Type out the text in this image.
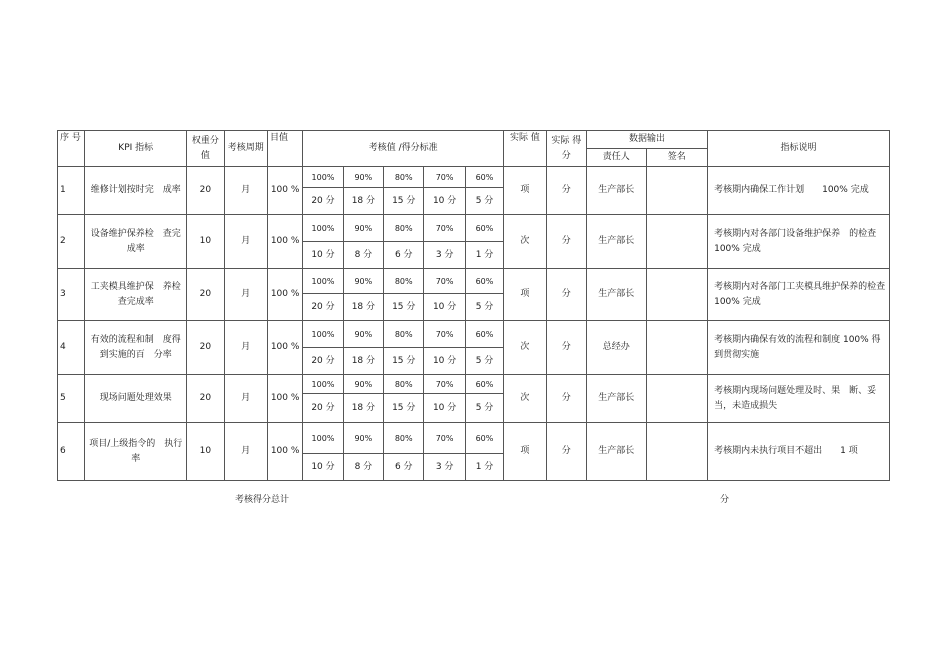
序 号	KPI 指标	权重分值	考核周期	目值	考核值 /得分标准					实际 值	实际 得分	数据输出		指标说明
												责任人	签名	
1	维修计划按时完　成率	20	月	100 %	100%	90%	80%	70%	60%	项	分	生产部长		考核期内确保工作计划　　100% 完成
					20 分	18 分	15 分	10 分	5 分					
2	设备维护保养检　查完成率	10	月	100 %	100%	90%	80%	70%	60%	次	分	生产部长		考核期内对各部门设备维护保养　的检查 100% 完成
					10 分	8 分	6 分	3 分	1 分					
3	工夹模具维护保　养检查完成率	20	月	100 %	100%	90%	80%	70%	60%	项	分	生产部长		考核期内对各部门工夹模具维护保养的检查　100% 完成
					20 分	18 分	15 分	10 分	5 分					
4	有效的流程和制　度得到实施的百　分率	20	月	100 %	100%	90%	80%	70%	60%	次	分	总经办		考核期内确保有效的流程和制度 100% 得到贯彻实施
					20 分	18 分	15 分	10 分	5 分					
5	现场问题处理效果	20	月	100 %	100%	90%	80%	70%	60%	次	分	生产部长		考核期内现场问题处理及时、果　断、妥当，未造成损失
					20 分	18 分	15 分	10 分	5 分					
6	项目/上级指令的　执行率	10	月	100 %	100%	90%	80%	70%	60%	项	分	生产部长		考核期内未执行项目不超出　　1 项
					10 分	8 分	6 分	3 分	1 分					
考核得分总计	分
